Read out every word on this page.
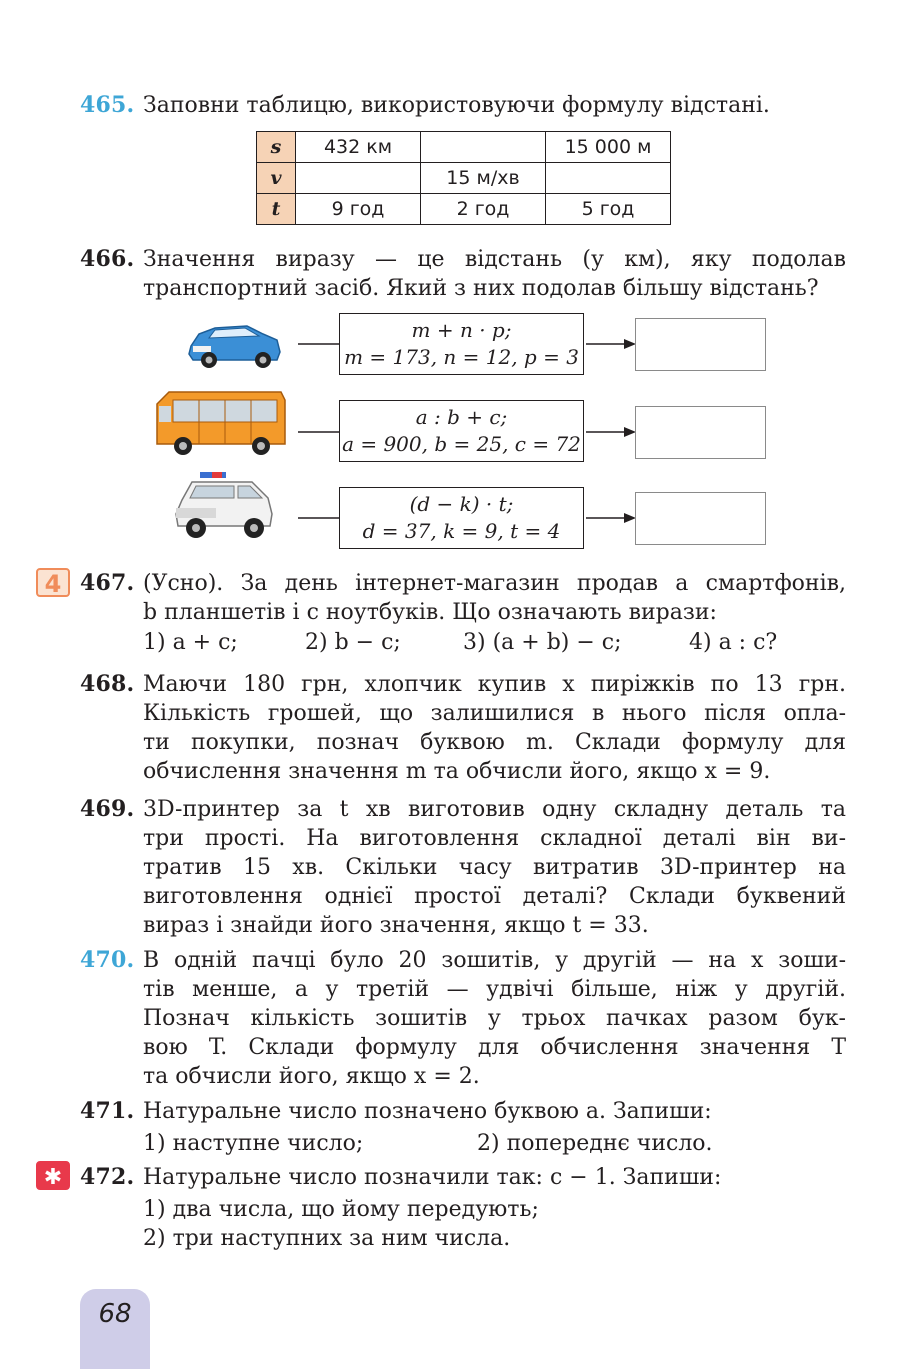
465. Заповни таблицю, використовуючи формулу відстані.
s	432 км		15 000 м
v		15 м/хв	
t	9 год	2 год	5 год
466. Значення виразу — це відстань (у км), яку подолав
транспортний засіб. Який з них подолав більшу відстань?
m + n · p;
m = 173, n = 12, p = 3
a : b + c;
a = 900, b = 25, c = 72
(d − k) · t;
d = 37, k = 9, t = 4
4 467. (Усно). За день інтернет-магазин продав a смартфонів,
b планшетів і c ноутбуків. Що означають вирази:
1) a + c;	2) b − c;	3) (a + b) − c;	4) a : c?
468. Маючи 180 грн, хлопчик купив x пиріжків по 13 грн.
Кількість грошей, що залишилися в нього після опла-
ти покупки, познач буквою m. Склади формулу для
обчислення значення m та обчисли його, якщо x = 9.
469. 3D-принтер за t хв виготовив одну складну деталь та
три прості. На виготовлення складної деталі він ви-
тратив 15 хв. Скільки часу витратив 3D-принтер на
виготовлення однієї простої деталі? Склади буквений
вираз і знайди його значення, якщо t = 33.
470. В одній пачці було 20 зошитів, у другій — на x зоши-
тів менше, а у третій — удвічі більше, ніж у другій.
Познач кількість зошитів у трьох пачках разом бук-
вою T. Склади формулу для обчислення значення T
та обчисли його, якщо x = 2.
471. Натуральне число позначено буквою a. Запиши:
1) наступне число;	2) попереднє число.
✱ 472. Натуральне число позначили так: c − 1. Запиши:
1) два числа, що йому передують;
2) три наступних за ним числа.
68
